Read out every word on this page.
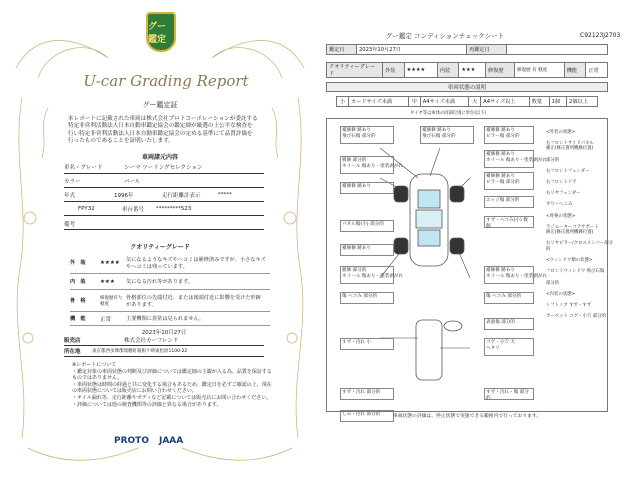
グー鑑定
U-car Grading Report
グー鑑定証
本レポートに記載された車両は株式会社プロトコーポレーションが委託する特定非営利活動法人日本自動車鑑定協会の鑑定師が厳選の上公平な検査を行い特定非営利活動法人日本自動車鑑定協会の定める基準にて品質評価を行ったものであることを証明いたします。
車両諸元内容
車名・グレード	シーマ ツーリングセレクション
カラー	パール
年式	1996年	走行距離計表示	*****
FPY32	車台番号	*********523
備考
クオリティーグレード
外　装	★★★★	気になるようなキズやヘコミは補修済みですが、小さなキズやヘコミは残っています。
内　装	★★★	気になる汚れ等があります。
骨　格	修復歴有り軽度
骨格部位の先端付近、または後端付近に影響を受けた形跡があります。
機　能	正常	主要機関に異常は見られません。
2023年10月27日
販売店	株式会社カーフレンド
所在地	東京都西多摩郡瑞穂町箱根ケ崎東松原1100-22
※レポートについて
・鑑定対象の車両状態の判断及び評価については鑑定師の主観が入る為、品質を保証するものではありません。
・車両状態は時間の経過と共に変化する場合もあるため、鑑定日を必ずご確認の上、現在の車両状態については販売店にお問い合わせください。
・オイル漏れ等、走行距離やボディなど記載については販売店にお問い合わせください。
・評価については他の検査機関等の評価と異なる場合があります。
PROTO JAAA
C92123J2703
グー鑑定 コンディションチェックシート
鑑定日	2023年10月27日	再鑑定日	
クオリティーグレード	外装	★★★★	内装	★★★	修復歴	修復歴 有 軽度	機能	正常
車両状態の説明
小	カードサイズ未満	中	A4サイズ未満	大	A4サイズ以上	数量	1個	2個以上
タイヤ等は車体の同部位別に単位(以下)
補修修 跡あり
飛び石傷 部分的
補修修 跡あり
飛び石傷 部分的
補修修 跡あり
ピラー傷 部分的
板修 部分的
ホイール 傷あり・塗装剥がれ
補修修 跡あり
ホイール 傷あり・塗装剥がれ
補修修 跡あり
ピラー傷 部分的
補修修 跡あり
エッジ傷 部分的
すず・ヘコみ(小) 数個
パネル傷(小) 部分的
補修修 跡あり
板修 部分的
ホイール 傷あり・塗装剥がれ
補修修 跡あり
ホイール 傷あり・塗装剥がれ
傷 ヘコみ 部分的	傷 ヘコみ 部分的
すず・汚れ 小	コゲ・小穴 大
ヘタリ
表面傷 部分的
すず・汚れ 部分的
しみ・汚れ 部分的
すず・汚れ・傷 部分的

<外装の状態>

右フロントサイドパネル
補正(修正箇所機修位置)

部分的

右フロントフェンダー

右フロントドア

右リヤフェンダー

すり〜へこみ

<骨格の状態>

ラジエーターコアサポート
修正(修正箇所機修位置)

右リヤピラー/クロスメンバー部分的

<ウィンドウ類の状態>

フロントウィンドウ 飛び石傷

部分的

<内装の状態>

シフトノブ すず・すず

カーペット コゲ・小穴 部分的

車両状態の評価は、停止状態で実施できる範囲内で行っております。
